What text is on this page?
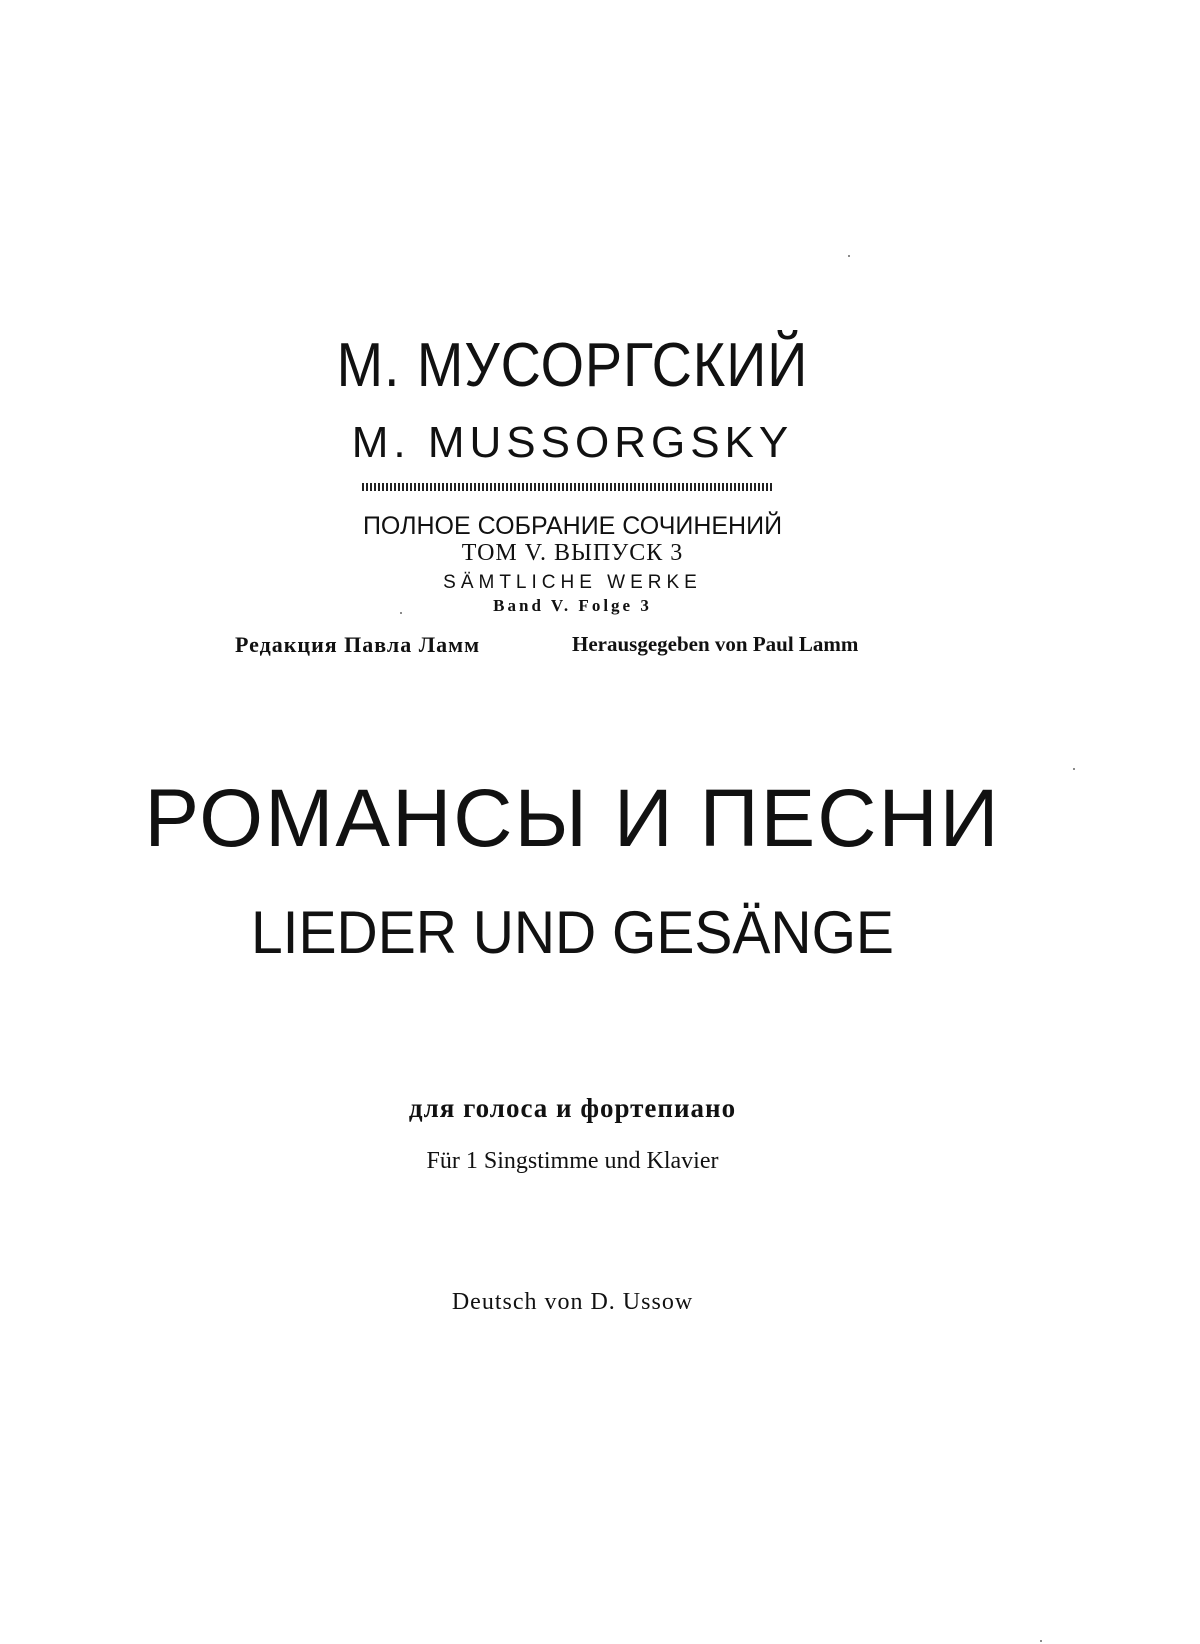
М. МУСОРГСКИЙ
M. MUSSORGSKY
ПОЛНОЕ СОБРАНИЕ СОЧИНЕНИЙ
ТОМ V. ВЫПУСК 3
SÄMTLICHE WERKE
Band V. Folge 3
Редакция Павла Ламм	Herausgegeben von Paul Lamm
РОМАНСЫ И ПЕСНИ
LIEDER UND GESÄNGE
для голоса и фортепиано
Für 1 Singstimme und Klavier
Deutsch von D. Ussow
